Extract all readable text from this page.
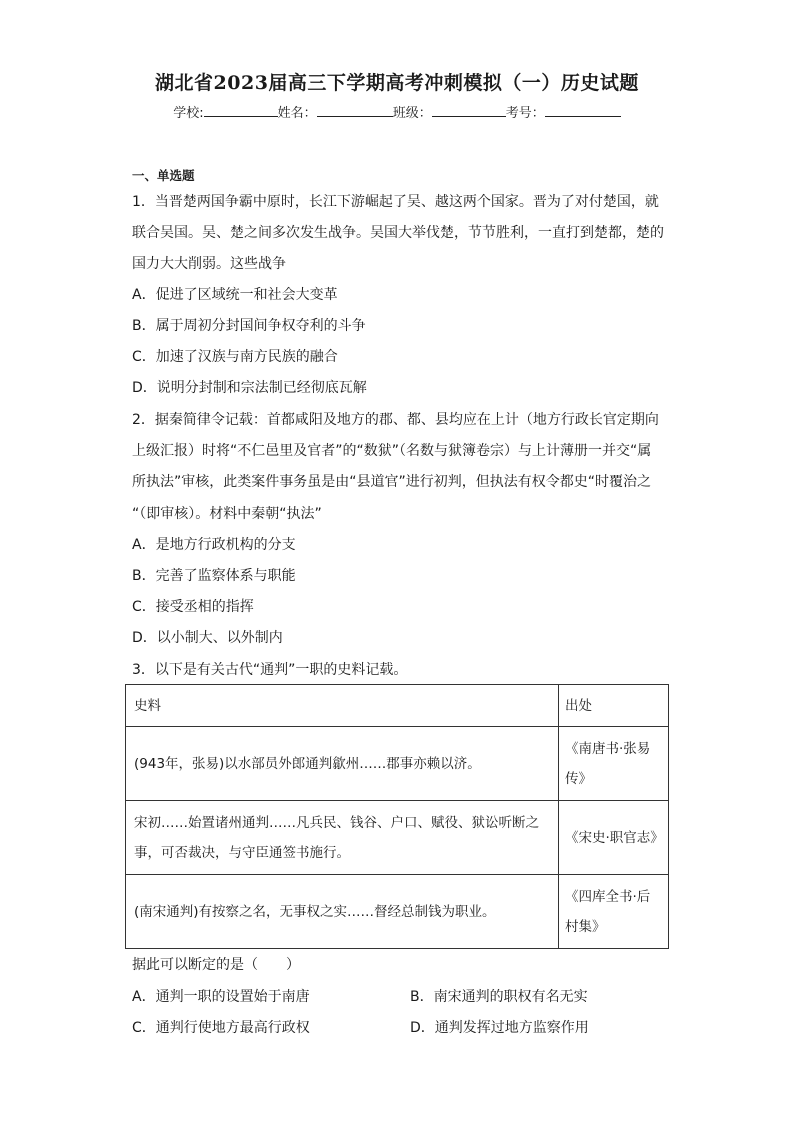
湖北省2023届高三下学期高考冲刺模拟（一）历史试题
学校:	姓名：	班级：	考号：
一、单选题
1．当晋楚两国争霸中原时，长江下游崛起了吴、越这两个国家。晋为了对付楚国，就
联合吴国。吴、楚之间多次发生战争。吴国大举伐楚，节节胜利，一直打到楚都，楚的
国力大大削弱。这些战争
A．促进了区域统一和社会大变革
B．属于周初分封国间争权夺利的斗争
C．加速了汉族与南方民族的融合
D．说明分封制和宗法制已经彻底瓦解
2．据秦简律令记载：首都咸阳及地方的郡、都、县均应在上计（地方行政长官定期向
上级汇报）时将“不仁邑里及官者”的“数狱”（名数与狱簿卷宗）与上计薄册一并交“属
所执法”审核，此类案件事务虽是由“县道官”进行初判，但执法有权令都史“时覆治之
“（即审核）。材料中秦朝“执法”
A．是地方行政机构的分支
B．完善了监察体系与职能
C．接受丞相的指挥
D．以小制大、以外制内
3．以下是有关古代“通判”一职的史料记载。
史料	出处
(943年，张易)以水部员外郎通判歙州……郡事亦赖以济。	《南唐书·张易
传》

宋初……始置诸州通判……凡兵民、钱谷、户口、赋役、狱讼听断之
事，可否裁决，与守臣通签书施行。	《宋史·职官志》

(南宋通判)有按察之名，无事权之实……督经总制钱为职业。	《四库全书·后
村集》
据此可以断定的是（　　）
A．通判一职的设置始于南唐	B．南宋通判的职权有名无实
C．通判行使地方最高行政权	D．通判发挥过地方监察作用
